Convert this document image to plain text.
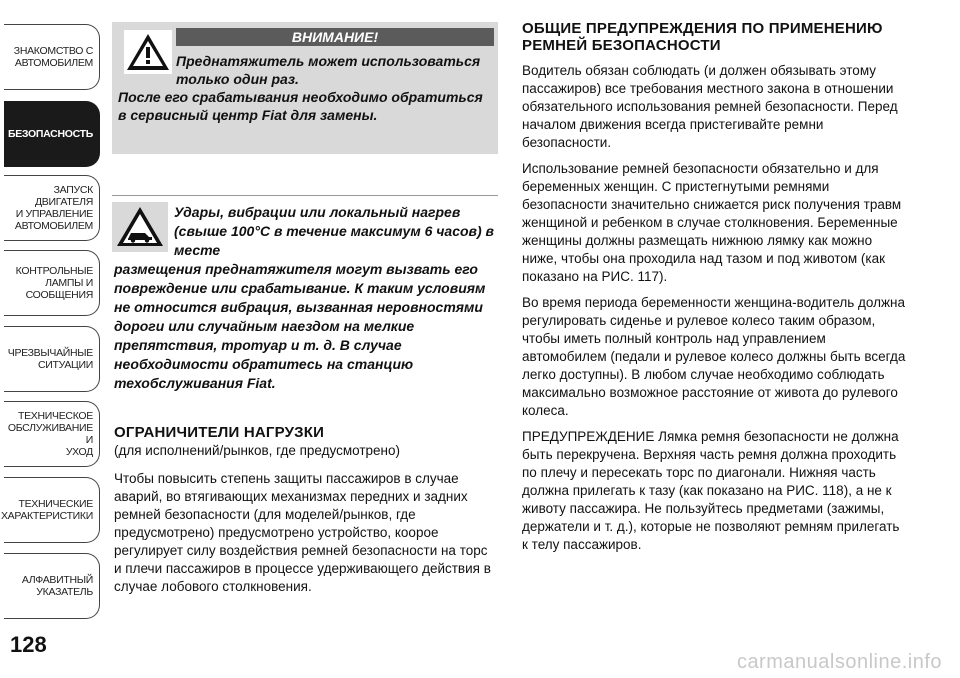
ЗНАКОМСТВО С
АВТОМОБИЛЕМ
БЕЗОПАСНОСТЬ
ЗАПУСК ДВИГАТЕЛЯ
И УПРАВЛЕНИЕ
АВТОМОБИЛЕМ
КОНТРОЛЬНЫЕ
ЛАМПЫ И
СООБЩЕНИЯ
ЧРЕЗВЫЧАЙНЫЕ
СИТУАЦИИ
ТЕХНИЧЕСКОЕ
ОБСЛУЖИВАНИЕ И
УХОД
ТЕХНИЧЕСКИЕ
ХАРАКТЕРИСТИКИ
АЛФАВИТНЫЙ
УКАЗАТЕЛЬ
128
ВНИМАНИЕ!
Преднатяжитель может использоваться только один раз.
После его срабатывания необходимо обратиться в сервисный центр Fiat для замены.
Удары, вибрации или локальный нагрев (свыше 100°C в течение максимум 6 часов) в месте
размещения преднатяжителя могут вызвать его повреждение или срабатывание. К таким условиям не относится вибрация, вызванная неровностями дороги или случайным наездом на мелкие препятствия, тротуар и т. д. В случае необходимости обратитесь на станцию техобслуживания Fiat.
ОГРАНИЧИТЕЛИ НАГРУЗКИ
(для исполнений/рынков, где предусмотрено)
Чтобы повысить степень защиты пассажиров в случае аварий, во втягивающих механизмах передних и задних ремней безопасности (для моделей/рынков, где предусмотрено) предусмотрено устройство, коорое регулирует силу воздействия ремней безопасности на торс и плечи пассажиров в процессе удерживающего действия в случае лобового столкновения.
ОБЩИЕ ПРЕДУПРЕЖДЕНИЯ ПО ПРИМЕНЕНИЮ РЕМНЕЙ БЕЗОПАСНОСТИ

Водитель обязан соблюдать (и должен обязывать этому пассажиров) все требования местного закона в отношении обязательного использования ремней безопасности. Перед началом движения всегда пристегивайте ремни безопасности.

Использование ремней безопасности обязательно и для беременных женщин. С пристегнутыми ремнями безопасности значительно снижается риск получения травм женщиной и ребенком в случае столкновения. Беременные женщины должны размещать нижнюю лямку как можно ниже, чтобы она проходила над тазом и под животом (как показано на РИС. 117).

Во время периода беременности женщина-водитель должна регулировать сиденье и рулевое колесо таким образом, чтобы иметь полный контроль над управлением автомобилем (педали и рулевое колесо должны быть всегда легко доступны). В любом случае необходимо соблюдать максимально возможное расстояние от живота до рулевого колеса.

ПРЕДУПРЕЖДЕНИЕ Лямка ремня безопасности не должна быть перекручена. Верхняя часть ремня должна проходить по плечу и пересекать торс по диагонали. Нижняя часть должна прилегать к тазу (как показано на РИС. 118), а не к животу пассажира. Не пользуйтесь предметами (зажимы, держатели и т. д.), которые не позволяют ремням прилегать к телу пассажиров.

carmanualsonline.info
